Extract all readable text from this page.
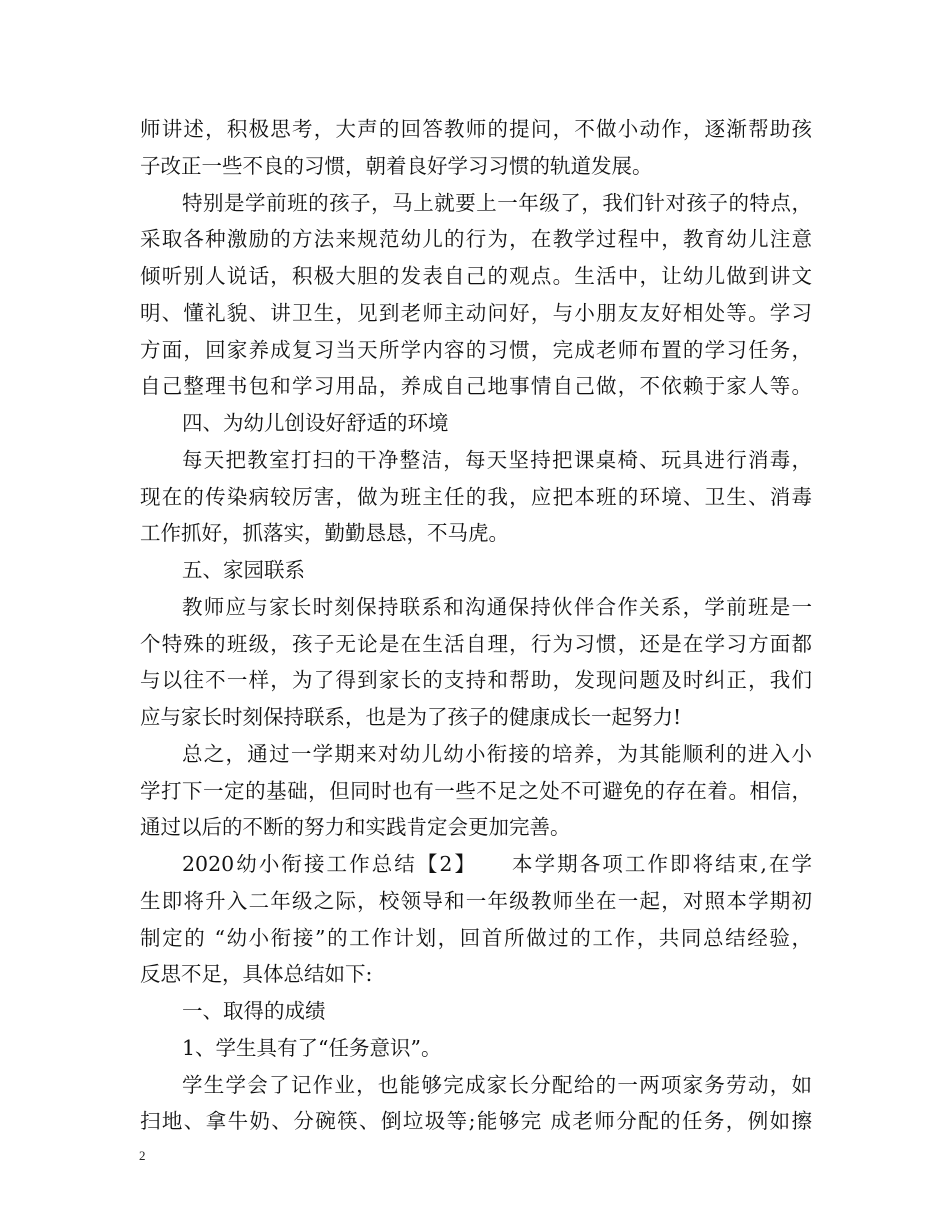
师讲述，积极思考，大声的回答教师的提问，不做小动作，逐渐帮助孩
子改正一些不良的习惯，朝着良好学习习惯的轨道发展。
特别是学前班的孩子，马上就要上一年级了，我们针对孩子的特点，
采取各种激励的方法来规范幼儿的行为，在教学过程中，教育幼儿注意
倾听别人说话，积极大胆的发表自己的观点。生活中，让幼儿做到讲文
明、懂礼貌、讲卫生，见到老师主动问好，与小朋友友好相处等。学习
方面，回家养成复习当天所学内容的习惯，完成老师布置的学习任务，
自己整理书包和学习用品，养成自己地事情自己做，不依赖于家人等。
四、为幼儿创设好舒适的环境
每天把教室打扫的干净整洁，每天坚持把课桌椅、玩具进行消毒，
现在的传染病较厉害，做为班主任的我，应把本班的环境、卫生、消毒
工作抓好，抓落实，勤勤恳恳，不马虎。
五、家园联系
教师应与家长时刻保持联系和沟通保持伙伴合作关系，学前班是一
个特殊的班级，孩子无论是在生活自理，行为习惯，还是在学习方面都
与以往不一样，为了得到家长的支持和帮助，发现问题及时纠正，我们
应与家长时刻保持联系，也是为了孩子的健康成长一起努力!
总之，通过一学期来对幼儿幼小衔接的培养，为其能顺利的进入小
学打下一定的基础，但同时也有一些不足之处不可避免的存在着。相信，
通过以后的不断的努力和实践肯定会更加完善。
2020幼小衔接工作总结【2】　　本学期各项工作即将结束,在学
生即将升入二年级之际，校领导和一年级教师坐在一起，对照本学期初
制定的 “幼小衔接”的工作计划，回首所做过的工作，共同总结经验，
反思不足，具体总结如下:
一、取得的成绩
1、学生具有了“任务意识”。
学生学会了记作业，也能够完成家长分配给的一两项家务劳动，如
扫地、拿牛奶、分碗筷、倒垃圾等;能够完 成老师分配的任务，例如擦
2
